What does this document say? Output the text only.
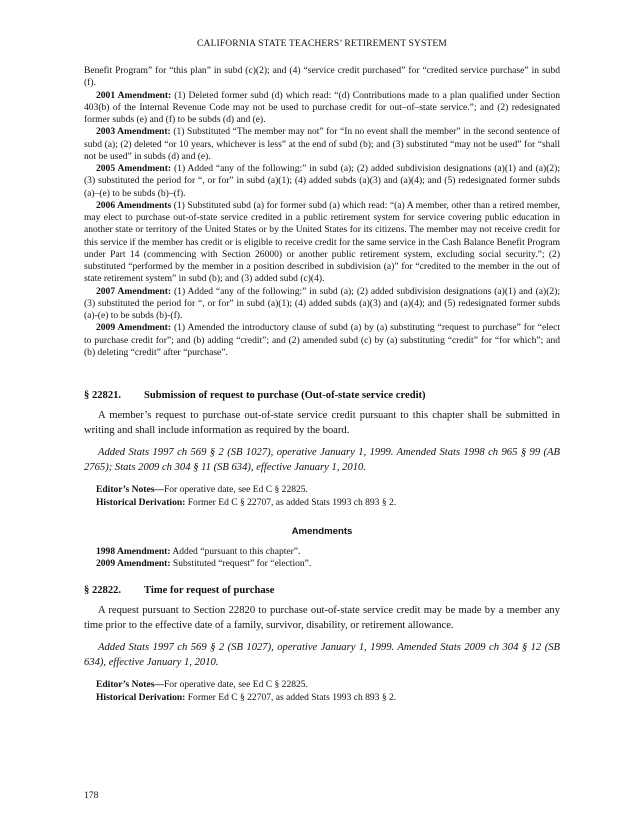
CALIFORNIA STATE TEACHERS’ RETIREMENT SYSTEM

Benefit Program” for “this plan” in subd (c)(2); and (4) “service credit purchased” for “credited service purchase” in subd (f).

2001 Amendment: (1) Deleted former subd (d) which read: “(d) Contributions made to a plan qualified under Section 403(b) of the Internal Revenue Code may not be used to purchase credit for out–of–state service.”; and (2) redesignated former subds (e) and (f) to be subds (d) and (e).

2003 Amendment: (1) Substituted “The member may not” for “In no event shall the member” in the second sentence of subd (a); (2) deleted “or 10 years, whichever is less” at the end of subd (b); and (3) substituted “may not be used” for “shall not be used” in subds (d) and (e).

2005 Amendment: (1) Added “any of the following:” in subd (a); (2) added subdivision designations (a)(1) and (a)(2); (3) substituted the period for “, or for” in subd (a)(1); (4) added subds (a)(3) and (a)(4); and (5) redesignated former subds (a)–(e) to be subds (b)–(f).

2006 Amendments (1) Substituted subd (a) for former subd (a) which read: “(a) A member, other than a retired member, may elect to purchase out-of-state service credited in a public retirement system for service covering public education in another state or territory of the United States or by the United States for its citizens. The member may not receive credit for this service if the member has credit or is eligible to receive credit for the same service in the Cash Balance Benefit Program under Part 14 (commencing with Section 26000) or another public retirement system, excluding social security.”; (2) substituted “performed by the member in a position described in subdivision (a)” for “credited to the member in the out of state retirement system” in subd (b); and (3) added subd (c)(4).

2007 Amendment: (1) Added “any of the following:” in subd (a); (2) added subdivision designations (a)(1) and (a)(2); (3) substituted the period for “, or for” in subd (a)(1); (4) added subds (a)(3) and (a)(4); and (5) redesignated former subds (a)-(e) to be subds (b)-(f).

2009 Amendment: (1) Amended the introductory clause of subd (a) by (a) substituting “request to purchase” for “elect to purchase credit for”; and (b) adding “credit”; and (2) amended subd (c) by (a) substituting “credit” for “for which”; and (b) deleting “credit” after “purchase”.

§ 22821. Submission of request to purchase (Out-of-state service credit)

A member’s request to purchase out-of-state service credit pursuant to this chapter shall be submitted in writing and shall include information as required by the board.

Added Stats 1997 ch 569 § 2 (SB 1027), operative January 1, 1999. Amended Stats 1998 ch 965 § 99 (AB 2765); Stats 2009 ch 304 § 11 (SB 634), effective January 1, 2010.

Editor’s Notes—For operative date, see Ed C § 22825.

Historical Derivation: Former Ed C § 22707, as added Stats 1993 ch 893 § 2.

Amendments

1998 Amendment: Added “pursuant to this chapter”.

2009 Amendment: Substituted “request” for “election”.

§ 22822. Time for request of purchase

A request pursuant to Section 22820 to purchase out-of-state service credit may be made by a member any time prior to the effective date of a family, survivor, disability, or retirement allowance.

Added Stats 1997 ch 569 § 2 (SB 1027), operative January 1, 1999. Amended Stats 2009 ch 304 § 12 (SB 634), effective January 1, 2010.

Editor’s Notes—For operative date, see Ed C § 22825.

Historical Derivation: Former Ed C § 22707, as added Stats 1993 ch 893 § 2.

178
